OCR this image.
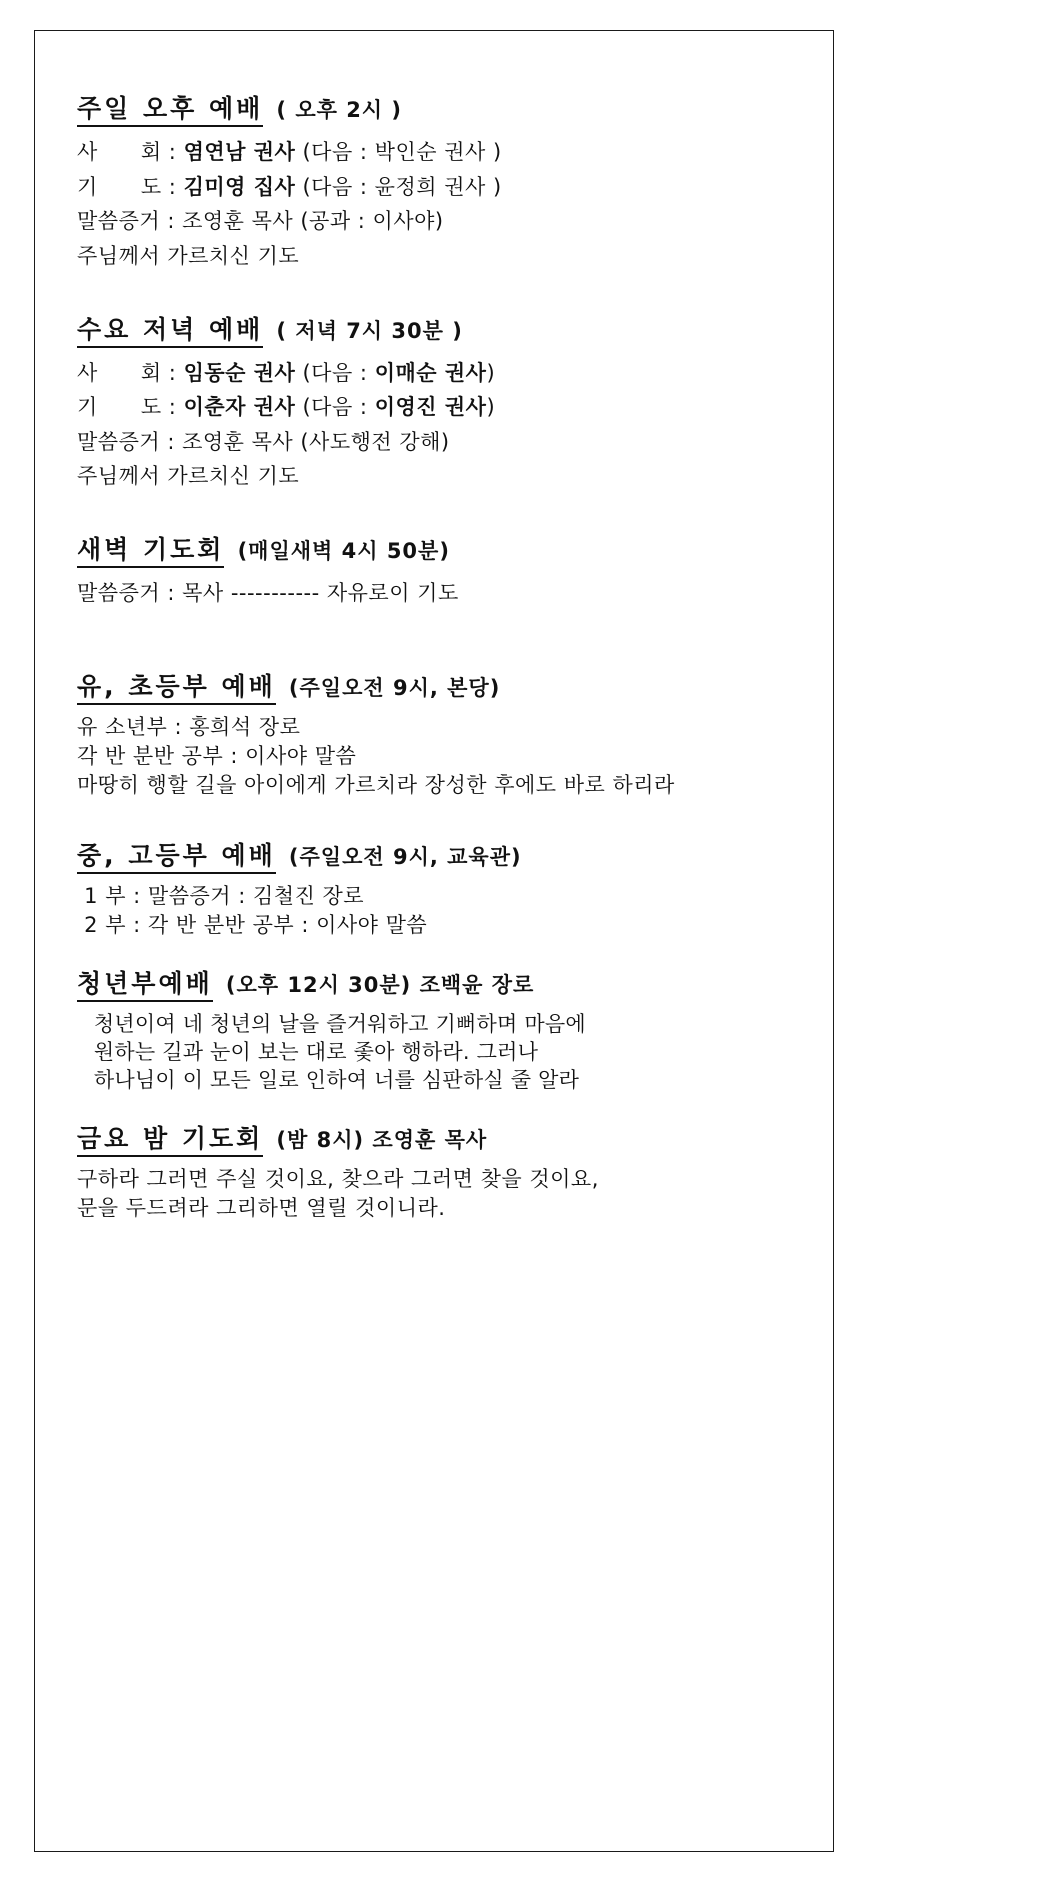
주일 오후 예배 ( 오후 2시 )
사      회 : 염연남 권사 (다음 : 박인순 권사 )
기      도 : 김미영 집사 (다음 : 윤정희 권사 )
말씀증거 : 조영훈 목사 (공과 : 이사야)
주님께서 가르치신 기도
수요 저녁 예배 ( 저녁 7시 30분 )
사      회 : 임동순 권사 (다음 : 이매순 권사)
기      도 : 이춘자 권사 (다음 : 이영진 권사)
말씀증거 : 조영훈 목사 (사도행전 강해)
주님께서 가르치신 기도
새벽 기도회 (매일새벽 4시 50분)
말씀증거 : 목사 ----------- 자유로이 기도
유, 초등부 예배 (주일오전 9시, 본당)
유 소년부 : 홍희석 장로
각 반 분반 공부 : 이사야 말씀
마땅히 행할 길을 아이에게 가르치라 장성한 후에도 바로 하리라
중, 고등부 예배 (주일오전 9시, 교육관)
1 부 : 말씀증거 : 김철진 장로
2 부 : 각 반 분반 공부 : 이사야 말씀
청년부예배 (오후 12시 30분) 조백윤 장로
청년이여 네 청년의 날을 즐거워하고 기뻐하며 마음에
원하는 길과 눈이 보는 대로 좇아 행하라. 그러나
하나님이 이 모든 일로 인하여 너를 심판하실 줄 알라
금요 밤 기도회 (밤 8시) 조영훈 목사
구하라 그러면 주실 것이요, 찾으라 그러면 찾을 것이요,
문을 두드려라 그리하면 열릴 것이니라.
